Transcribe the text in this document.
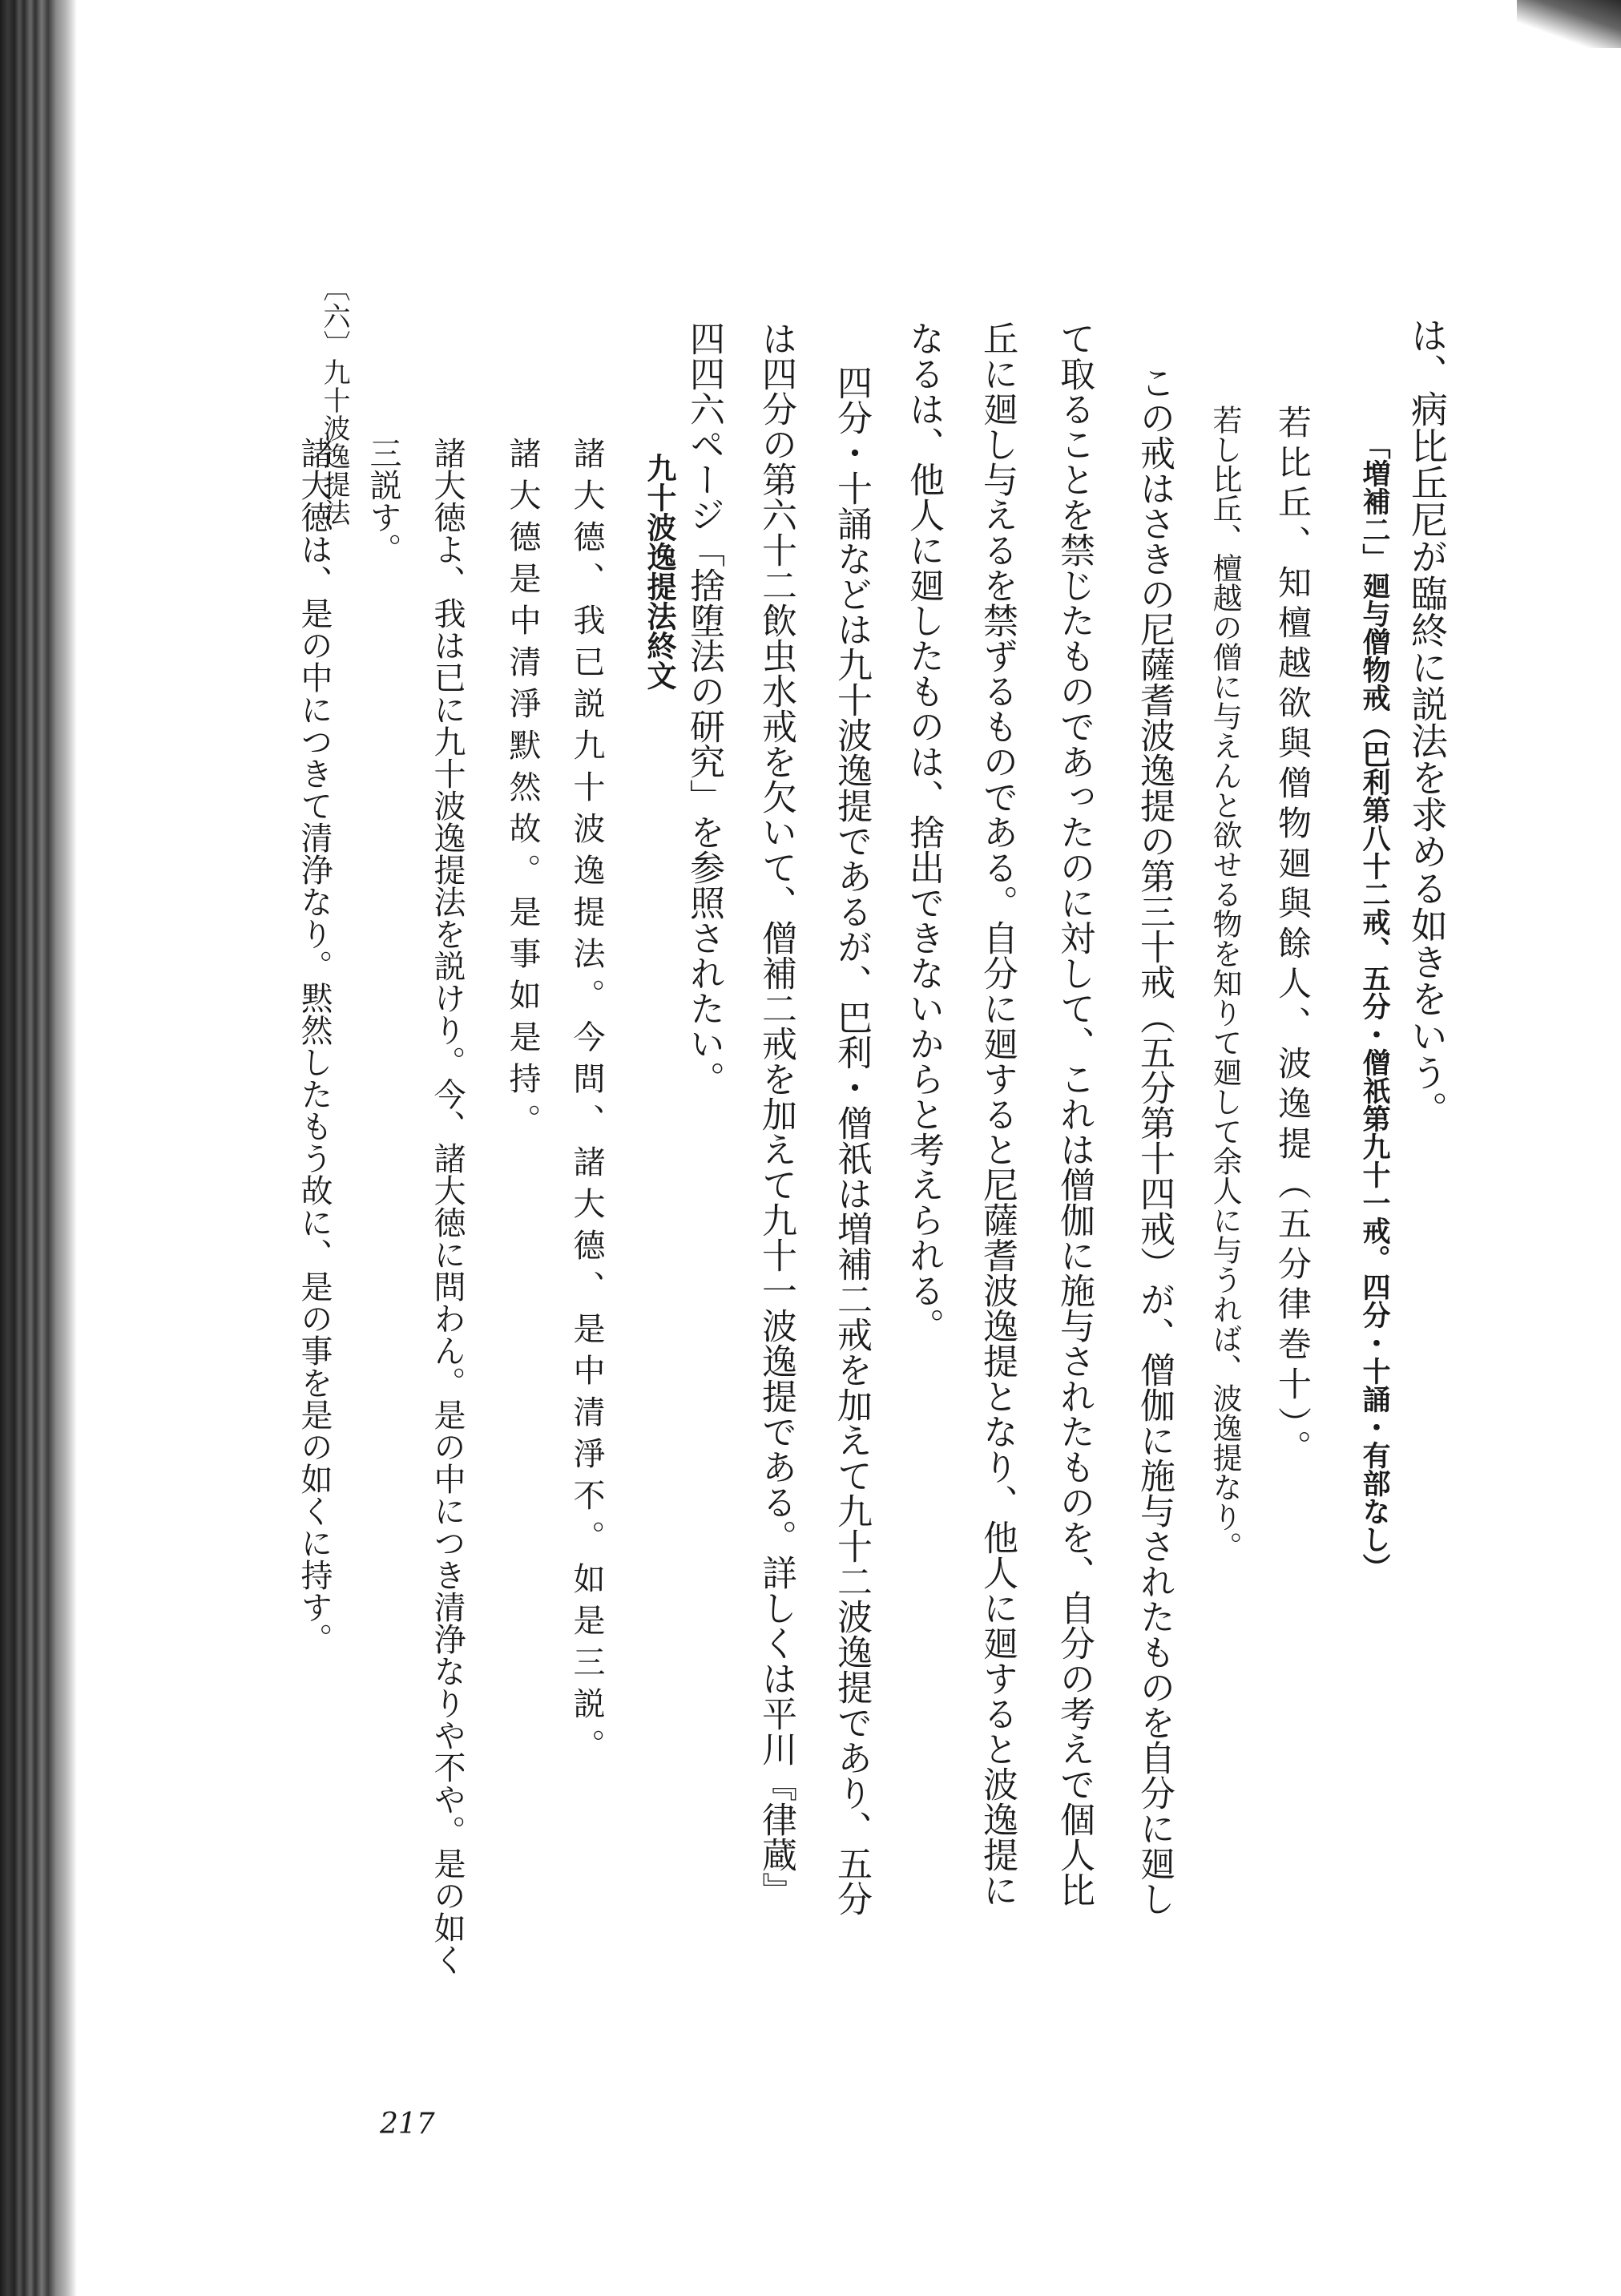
〔六〕九十波逸提法	は、病比丘尼が臨終に説法を求める如きをいう。
「増補二」廻与僧物戒（巴利第八十二戒、五分・僧祇第九十一戒。四分・十誦・有部なし）
若比丘、知檀越欲與僧物廻與餘人、波逸提（五分律巻十）。
若し比丘、檀越の僧に与えんと欲せる物を知りて廻して余人に与うれば、波逸提なり。
この戒はさきの尼薩耆波逸提の第三十戒（五分第十四戒）が、僧伽に施与されたものを自分に廻し
て取ることを禁じたものであったのに対して、これは僧伽に施与されたものを、自分の考えで個人比
丘に廻し与えるを禁ずるものである。自分に廻すると尼薩耆波逸提となり、他人に廻すると波逸提に
なるは、他人に廻したものは、捨出できないからと考えられる。
四分・十誦などは九十波逸提であるが、巴利・僧祇は増補二戒を加えて九十二波逸提であり、五分
は四分の第六十二飲虫水戒を欠いて、僧補二戒を加えて九十一波逸提である。詳しくは平川『律蔵』
四四六ページ「捨堕法の研究」を参照されたい。
九十波逸提法終文
諸大德、我已説九十波逸提法。今問、諸大德、是中清淨不。如是三説。
諸大德是中清淨默然故。是事如是持。
諸大徳よ、我は已に九十波逸提法を説けり。今、諸大徳に問わん。是の中につき清浄なりや不や。是の如く
三説す。
諸大徳は、是の中につきて清浄なり。黙然したもう故に、是の事を是の如くに持す。
217
